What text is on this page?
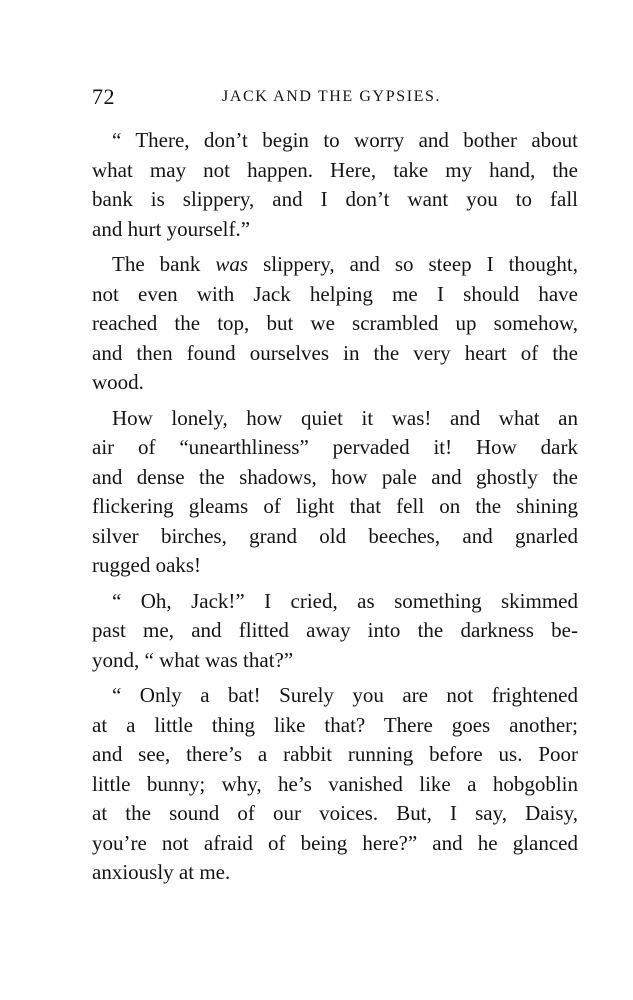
72	JACK AND THE GYPSIES.
“ There, don’t begin to worry and bother about
what may not happen. Here, take my hand, the
bank is slippery, and I don’t want you to fall
and hurt yourself.”
The bank was slippery, and so steep I thought,
not even with Jack helping me I should have
reached the top, but we scrambled up somehow,
and then found ourselves in the very heart of the
wood.
How lonely, how quiet it was! and what an
air of “unearthliness” pervaded it! How dark
and dense the shadows, how pale and ghostly the
flickering gleams of light that fell on the shining
silver birches, grand old beeches, and gnarled
rugged oaks!
“ Oh, Jack!” I cried, as something skimmed
past me, and flitted away into the darkness be-
yond, “ what was that?”
“ Only a bat! Surely you are not frightened
at a little thing like that? There goes another;
and see, there’s a rabbit running before us. Poor
little bunny; why, he’s vanished like a hobgoblin
at the sound of our voices. But, I say, Daisy,
you’re not afraid of being here?” and he glanced
anxiously at me.
